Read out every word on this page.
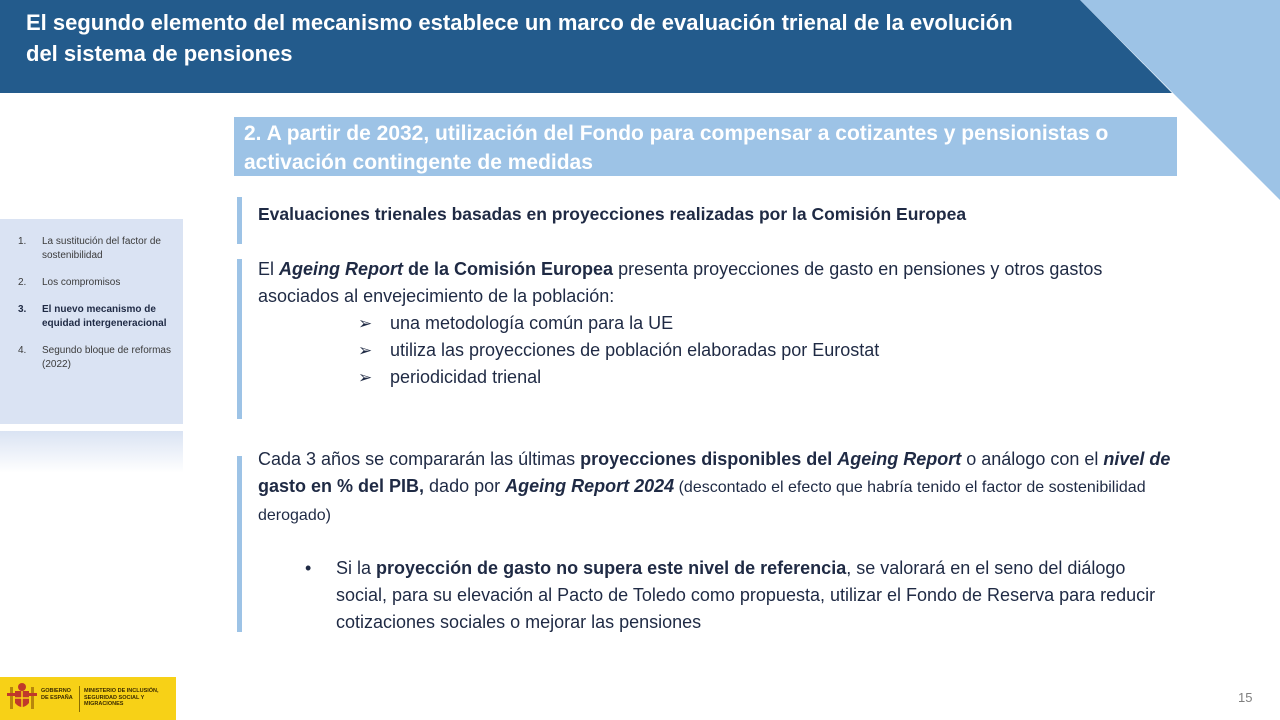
El segundo elemento del mecanismo establece un marco de evaluación trienal de la evolución del sistema de pensiones
2. A partir de 2032, utilización del Fondo para compensar a cotizantes y pensionistas o activación contingente de medidas
1.	La sustitución del factor de sostenibilidad
2.	Los compromisos
3.	El nuevo mecanismo de equidad intergeneracional
4.	Segundo bloque de reformas (2022)
Evaluaciones trienales basadas en proyecciones realizadas por la Comisión Europea
El Ageing Report de la Comisión Europea presenta proyecciones de gasto en pensiones y otros gastos asociados al envejecimiento de la población:
➢ una metodología común para la UE
➢ utiliza las proyecciones de población elaboradas por Eurostat
➢ periodicidad trienal
Cada 3 años se compararán las últimas proyecciones disponibles del Ageing Report o análogo con el nivel de gasto en % del PIB, dado por Ageing Report 2024 (descontado el efecto que habría tenido el factor de sostenibilidad derogado)
•	Si la proyección de gasto no supera este nivel de referencia, se valorará en el seno del diálogo social, para su elevación al Pacto de Toledo como propuesta, utilizar el Fondo de Reserva para reducir cotizaciones sociales o mejorar las pensiones
GOBIERNO DE ESPAÑA
MINISTERIO DE INCLUSIÓN, SEGURIDAD SOCIAL Y MIGRACIONES	15
